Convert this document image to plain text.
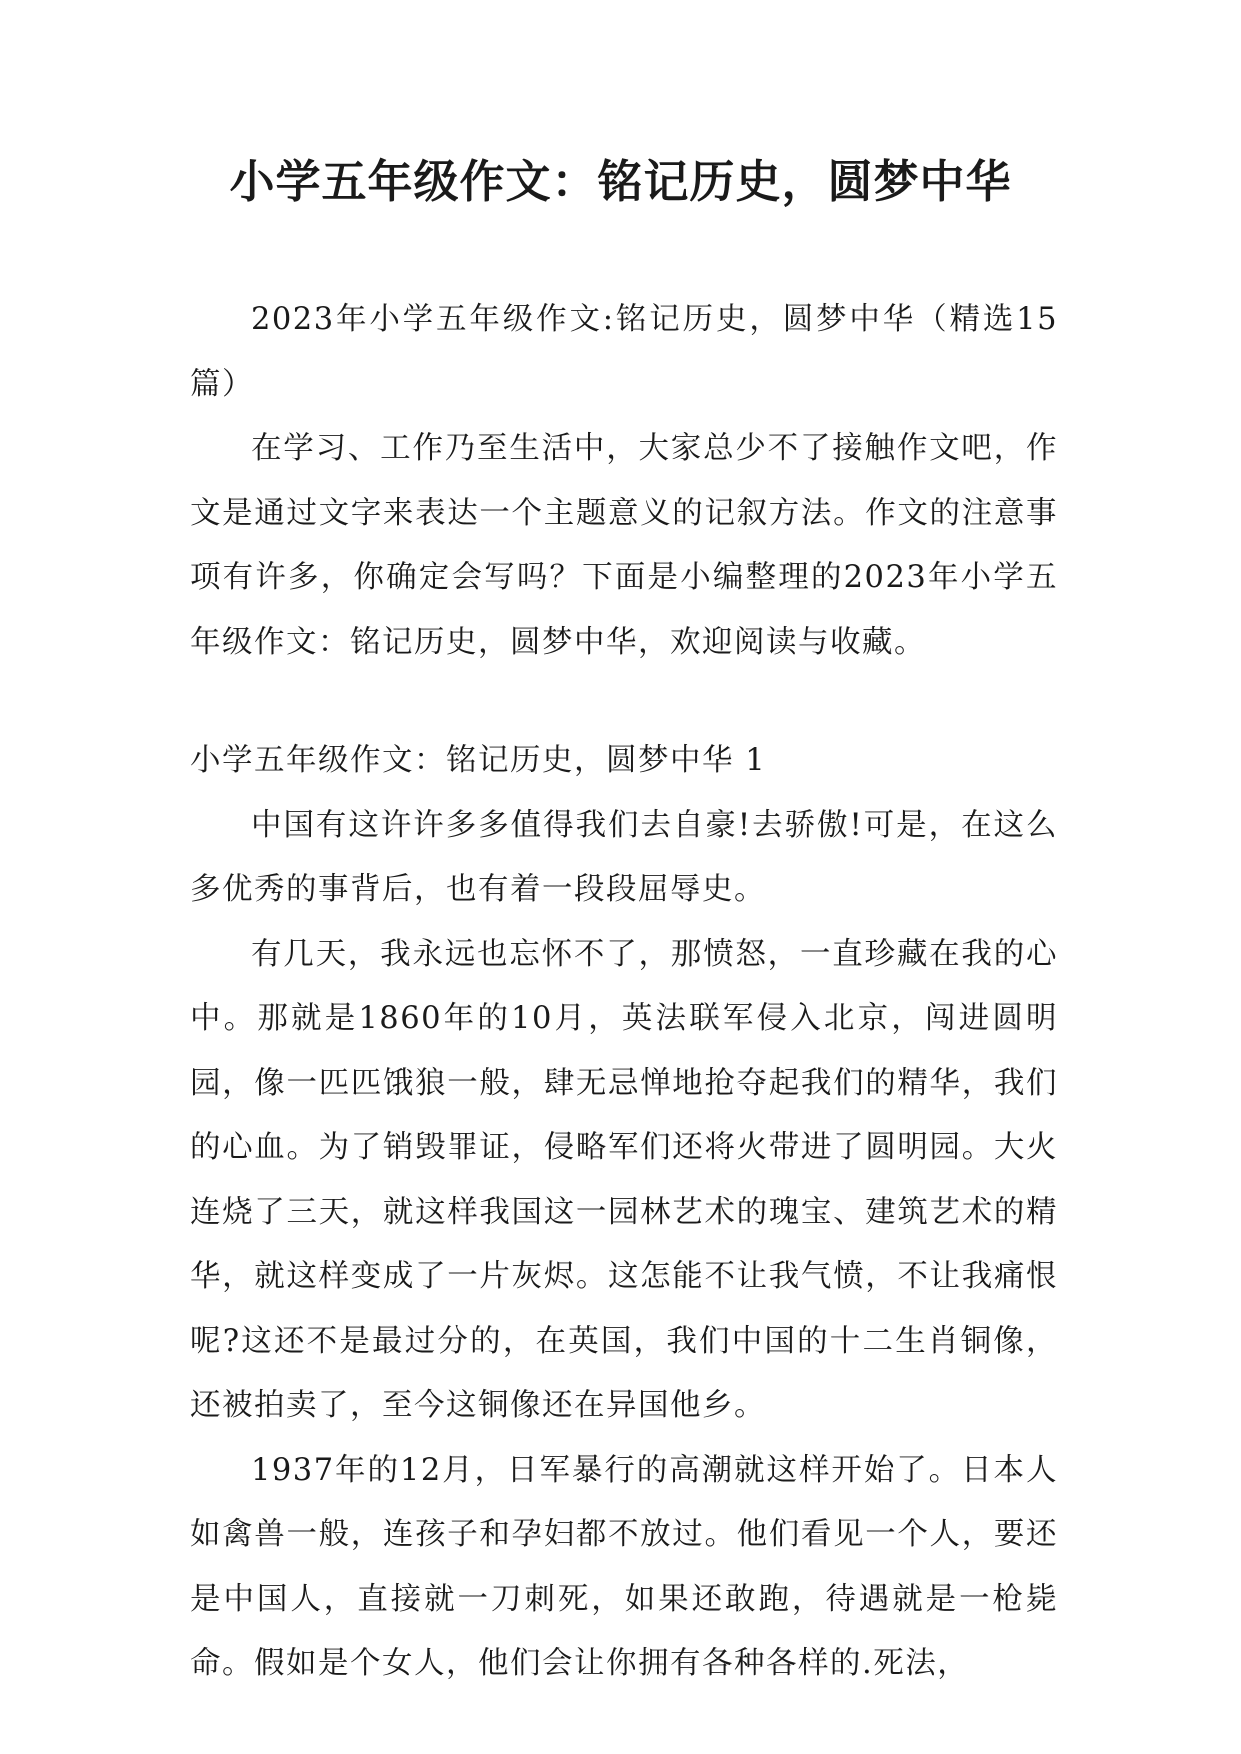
小学五年级作文：铭记历史，圆梦中华

2023年小学五年级作文:铭记历史，圆梦中华（精选15篇）

在学习、工作乃至生活中，大家总少不了接触作文吧，作文是通过文字来表达一个主题意义的记叙方法。作文的注意事项有许多，你确定会写吗？下面是小编整理的2023年小学五年级作文：铭记历史，圆梦中华，欢迎阅读与收藏。

小学五年级作文：铭记历史，圆梦中华 1

中国有这许许多多值得我们去自豪!去骄傲!可是，在这么多优秀的事背后，也有着一段段屈辱史。

有几天，我永远也忘怀不了，那愤怒，一直珍藏在我的心中。那就是1860年的10月，英法联军侵入北京，闯进圆明园，像一匹匹饿狼一般，肆无忌惮地抢夺起我们的精华，我们的心血。为了销毁罪证，侵略军们还将火带进了圆明园。大火连烧了三天，就这样我国这一园林艺术的瑰宝、建筑艺术的精华，就这样变成了一片灰烬。这怎能不让我气愤，不让我痛恨呢?这还不是最过分的，在英国，我们中国的十二生肖铜像，还被拍卖了，至今这铜像还在异国他乡。

1937年的12月，日军暴行的高潮就这样开始了。日本人如禽兽一般，连孩子和孕妇都不放过。他们看见一个人，要还是中国人，直接就一刀刺死，如果还敢跑，待遇就是一枪毙命。假如是个女人，他们会让你拥有各种各样的.死法，
